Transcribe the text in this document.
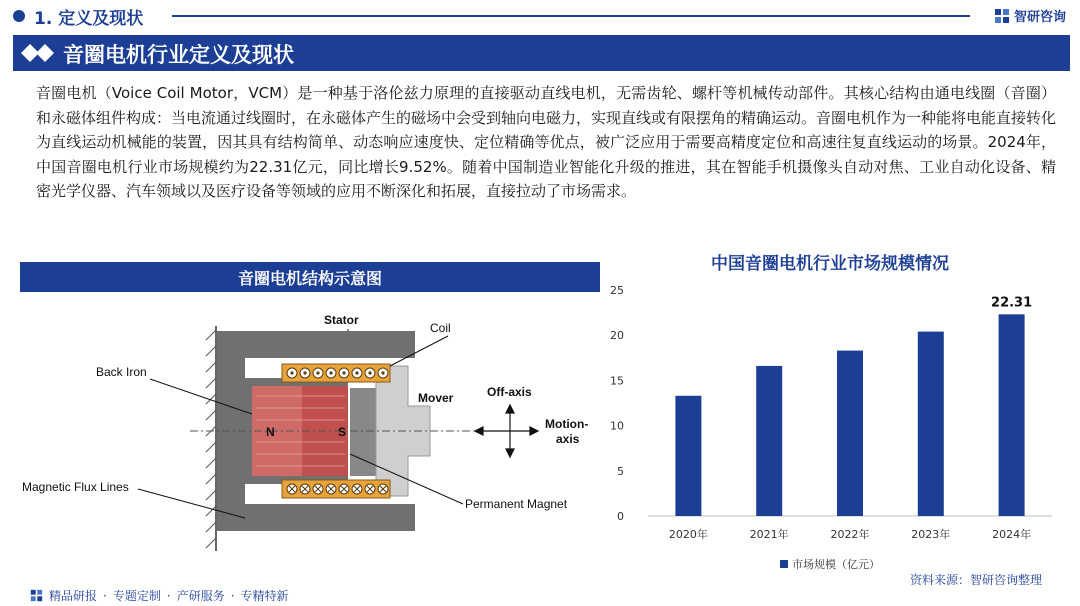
1. 定义及现状	智研咨询
音圈电机行业定义及现状
音圈电机（Voice Coil Motor，VCM）是一种基于洛伦兹力原理的直接驱动直线电机，无需齿轮、螺杆等机械传动部件。其核心结构由通电线圈（音圈）和永磁体组件构成：当电流通过线圈时，在永磁体产生的磁场中会受到轴向电磁力，实现直线或有限摆角的精确运动。音圈电机作为一种能将电能直接转化为直线运动机械能的装置，因其具有结构简单、动态响应速度快、定位精确等优点，被广泛应用于需要高精度定位和高速往复直线运动的场景。2024年，中国音圈电机行业市场规模约为22.31亿元，同比增长9.52%。随着中国制造业智能化升级的推进，其在智能手机摄像头自动对焦、工业自动化设备、精密光学仪器、汽车领域以及医疗设备等领域的应用不断深化和拓展，直接拉动了市场需求。
音圈电机结构示意图
Stator
Coil
Back Iron
Mover	Off-axis
Motion-
axis
N	S
Magnetic Flux Lines
Permanent Magnet
中国音圈电机行业市场规模情况
0
5
10
15
20
25
2020年	2021年	2022年	2023年	2024年
22.31
市场规模（亿元）
资料来源：智研咨询整理
精品研报 · 专题定制 · 产研服务 · 专精特新
